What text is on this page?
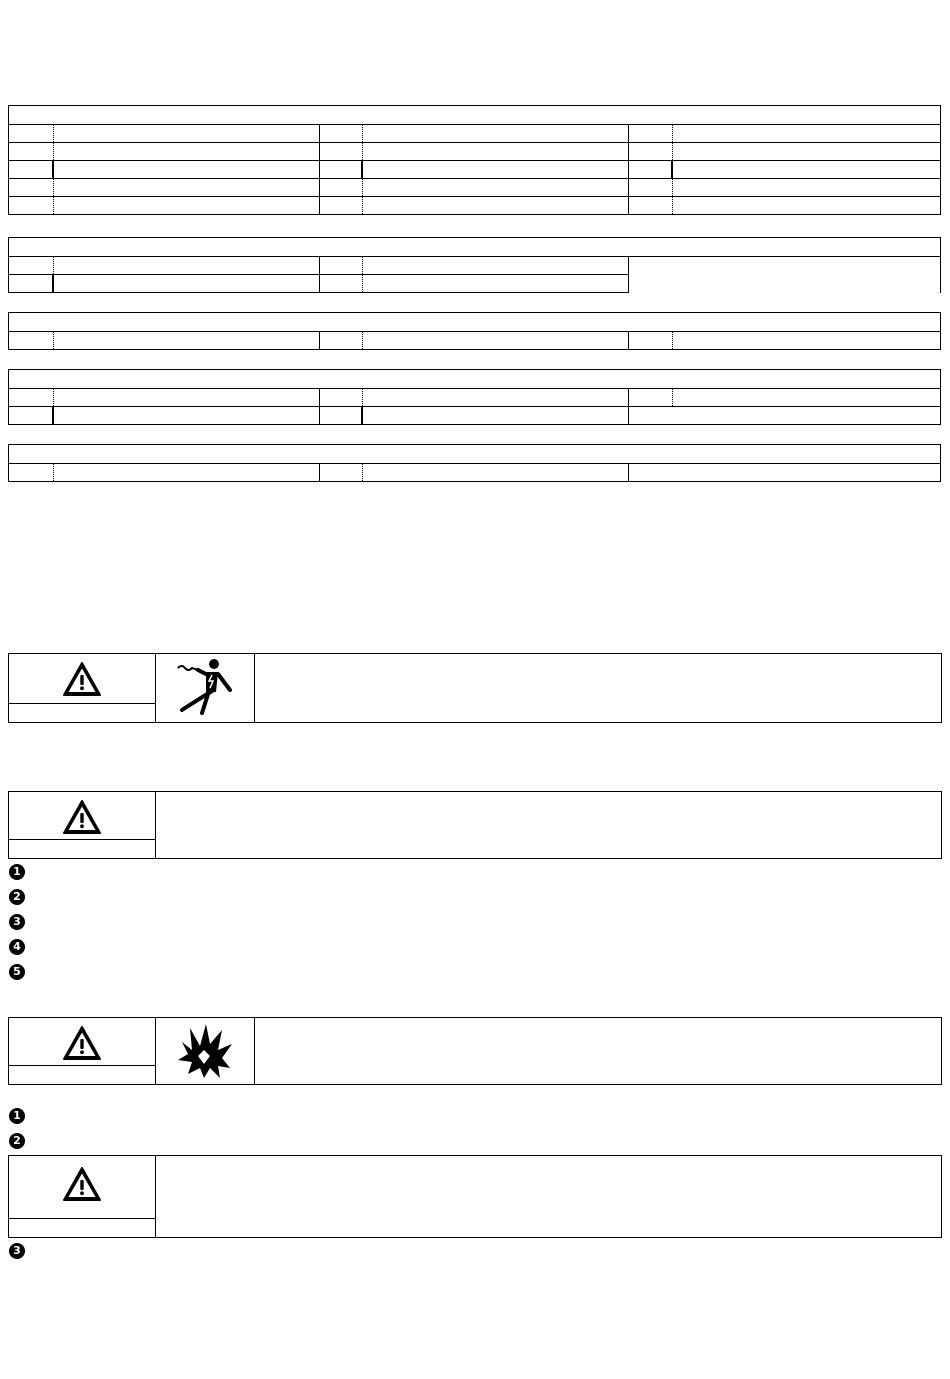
1
2
3
4
5
1
2
3
